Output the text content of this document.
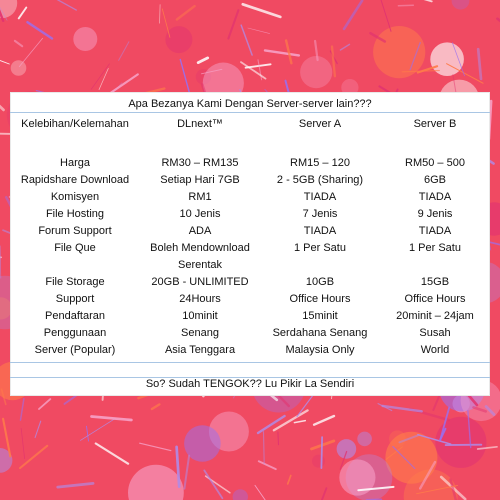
Apa Bezanya Kami Dengan Server-server lain???
Kelebihan/Kelemahan	DLnext™	Server A	Server B

Harga	RM30 – RM135	RM15 – 120	RM50 – 500
Rapidshare Download	Setiap Hari 7GB	2 - 5GB (Sharing)	6GB
Komisyen	RM1	TIADA	TIADA
File Hosting	10 Jenis	7 Jenis	9 Jenis
Forum Support	ADA	TIADA	TIADA
File Que	Boleh Mendownload Serentak	1 Per Satu	1 Per Satu
File Storage	20GB - UNLIMITED	10GB	15GB
Support	24Hours	Office Hours	Office Hours
Pendaftaran	10minit	15minit	20minit – 24jam
Penggunaan	Senang	Serdahana Senang	Susah
Server (Popular)	Asia Tenggara	Malaysia Only	World
So? Sudah TENGOK?? Lu Pikir La Sendiri
